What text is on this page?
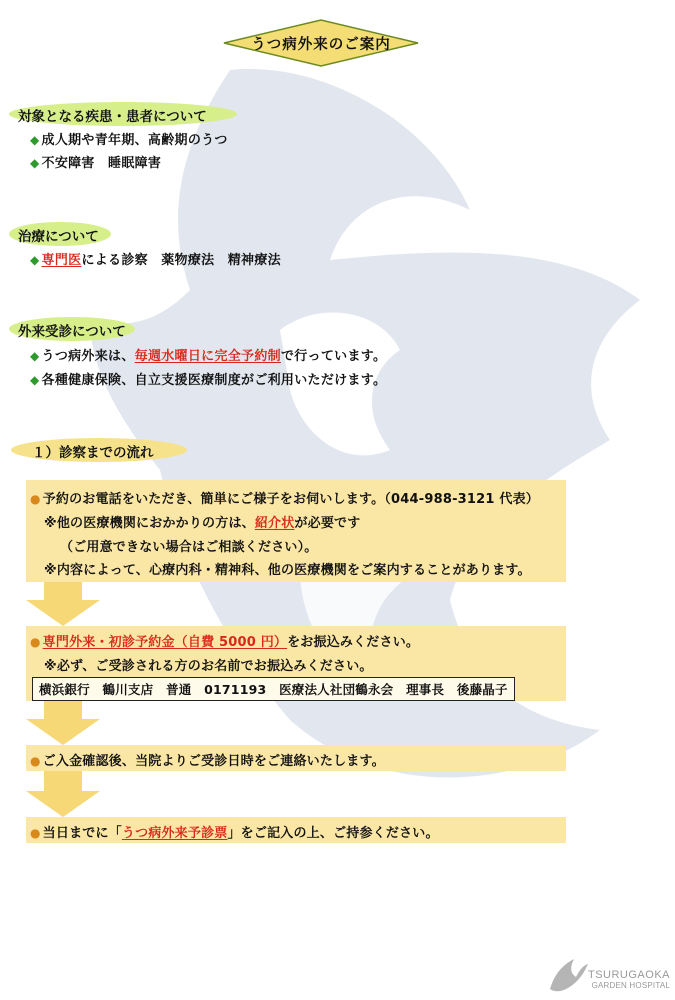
うつ病外来のご案内
対象となる疾患・患者について
◆ 成人期や青年期、高齢期のうつ
◆ 不安障害　睡眠障害
治療について
◆ 専門医による診察　薬物療法　精神療法
外来受診について
◆ うつ病外来は、毎週水曜日に完全予約制で行っています。
◆ 各種健康保険、自立支援医療制度がご利用いただけます。
１）診察までの流れ
● 予約のお電話をいただき、簡単にご様子をお伺いします。（044-988-3121 代表）
※他の医療機関におかかりの方は、紹介状が必要です
（ご用意できない場合はご相談ください）。
※内容によって、心療内科・精神科、他の医療機関をご案内することがあります。
● 専門外来・初診予約金（自費 5000 円）をお振込みください。
※必ず、ご受診される方のお名前でお振込みください。
横浜銀行　鶴川支店　普通　0171193　医療法人社団鶴永会　理事長　後藤晶子
● ご入金確認後、当院よりご受診日時をご連絡いたします。
● 当日までに「うつ病外来予診票」をご記入の上、ご持参ください。
TSURUGAOKA
GARDEN HOSPITAL
